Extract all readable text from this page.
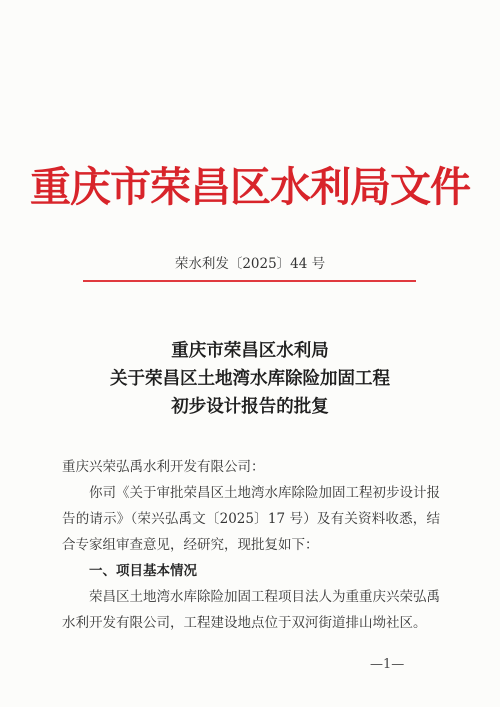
重庆市荣昌区水利局文件
荣水利发〔2025〕44 号
重庆市荣昌区水利局
关于荣昌区土地湾水库除险加固工程
初步设计报告的批复

重庆兴荣弘禹水利开发有限公司：

你司《关于审批荣昌区土地湾水库除险加固工程初步设计报告的请示》（荣兴弘禹文〔2025〕17 号）及有关资料收悉，结合专家组审查意见，经研究，现批复如下：

一、项目基本情况

荣昌区土地湾水库除险加固工程项目法人为重重庆兴荣弘禹水利开发有限公司，工程建设地点位于双河街道排山坳社区。

—1—
